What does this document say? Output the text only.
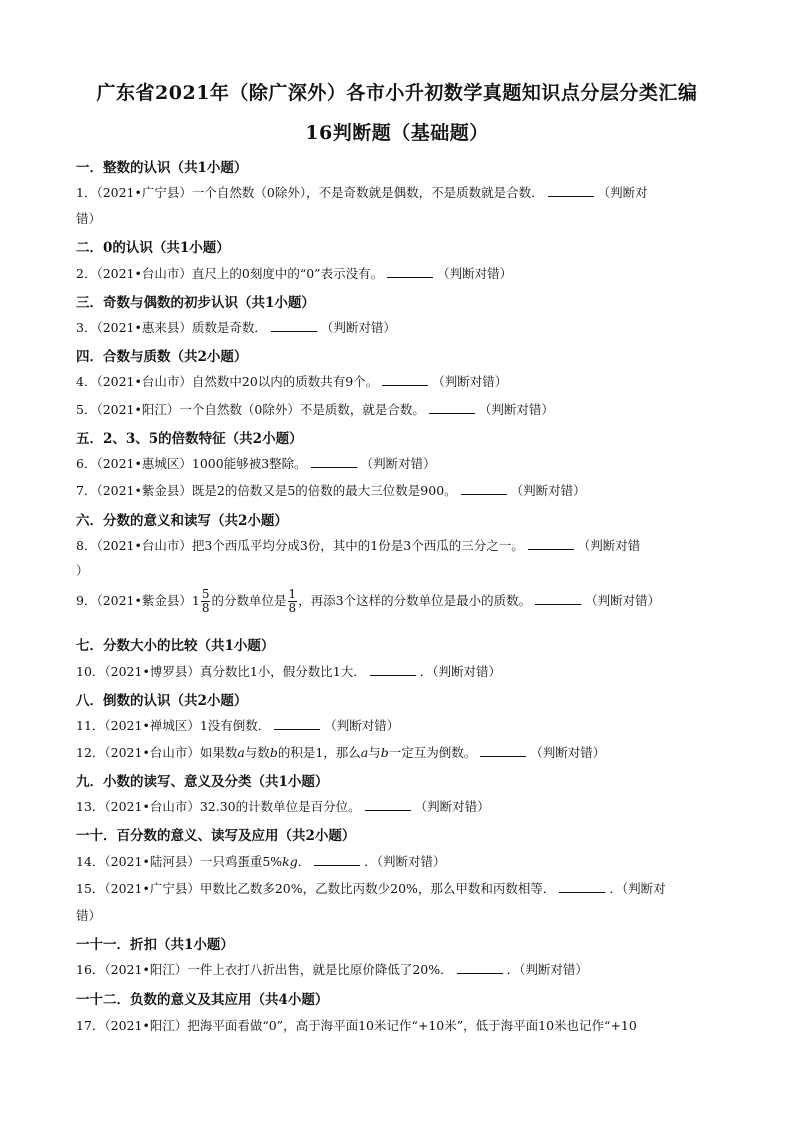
广东省2021年（除广深外）各市小升初数学真题知识点分层分类汇编
16判断题（基础题）
一．整数的认识（共1小题）
1．（2021•广宁县）一个自然数（0除外），不是奇数就是偶数，不是质数就是合数．	（判断对
错）
二．0的认识（共1小题）
2．（2021•台山市）直尺上的0刻度中的“0”表示没有。	（判断对错）
三．奇数与偶数的初步认识（共1小题）
3．（2021•惠来县）质数是奇数．	（判断对错）
四．合数与质数（共2小题）
4．（2021•台山市）自然数中20以内的质数共有9个。	（判断对错）
5．（2021•阳江）一个自然数（0除外）不是质数，就是合数。	（判断对错）
五．2、3、5的倍数特征（共2小题）
6．（2021•惠城区）1000能够被3整除。	（判断对错）
7．（2021•紫金县）既是2的倍数又是5的倍数的最大三位数是900。	（判断对错）
六．分数的意义和读写（共2小题）
8．（2021•台山市）把3个西瓜平均分成3份，其中的1份是3个西瓜的三分之一。	（判断对错
）
9．（2021•紫金县）$1 \frac{5}{8}$ 的分数单位是 $\frac{1}{8}$ ，再添3个这样的分数单位是最小的质数。	（判断对错）
七．分数大小的比较（共1小题）
10．（2021•博罗县）真分数比1小，假分数比1大．	．（判断对错）
八．倒数的认识（共2小题）
11．（2021•禅城区）1没有倒数．	（判断对错）
12．（2021•台山市）如果数a与数b的积是1，那么a与b一定互为倒数。	（判断对错）
九．小数的读写、意义及分类（共1小题）
13．（2021•台山市）32.30的计数单位是百分位。	（判断对错）
一十．百分数的意义、读写及应用（共2小题）
14．（2021•陆河县）一只鸡蛋重5%kg．	．（判断对错）
15．（2021•广宁县）甲数比乙数多20%，乙数比丙数少20%，那么甲数和丙数相等．	．（判断对
错）
一十一．折扣（共1小题）
16．（2021•阳江）一件上衣打八折出售，就是比原价降低了20%．	．（判断对错）
一十二．负数的意义及其应用（共4小题）
17．（2021•阳江）把海平面看做“0”，高于海平面10米记作“+10米”，低于海平面10米也记作“+10
